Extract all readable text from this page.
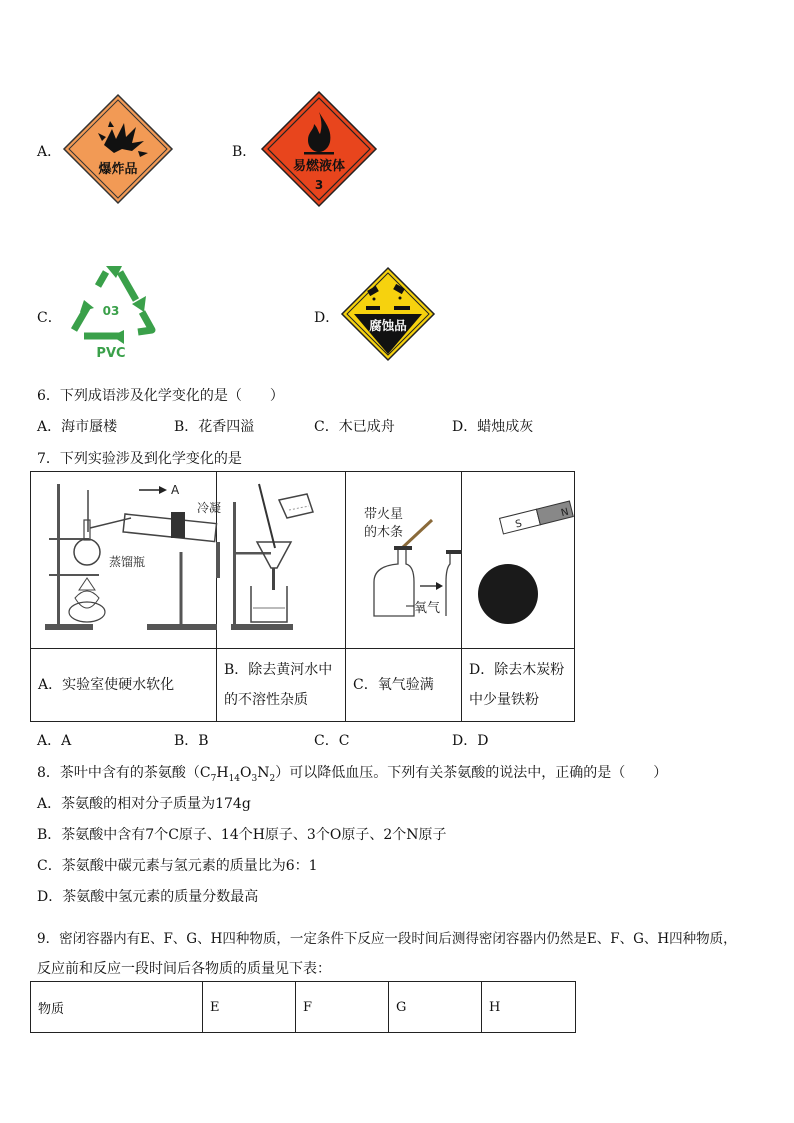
A．
爆炸品
B．
易燃液体
3
C．	03
PVC
D． 腐蚀品
6．下列成语涉及化学变化的是（　　）
A．海市蜃楼	B．花香四溢	C．木已成舟	D．蜡烛成灰
7．下列实验涉及到化学变化的是
A
冷凝
蒸馏瓶		带火星
的木条
氧气	S
N

A．实验室使硬水软化	B．除去黄河水中
的不溶性杂质	C．氧气验满	D．除去木炭粉
中少量铁粉
A．A	B．B	C．C	D．D
8．茶叶中含有的茶氨酸$(C_7H_{14}O_3N_2)$可以降低血压。下列有关茶氨酸的说法中，正确的是（　　）
A．茶氨酸的相对分子质量为174g
B．茶氨酸中含有7个C原子、14个H原子、3个O原子、2个N原子
C．茶氨酸中碳元素与氢元素的质量比为6：1
D．茶氨酸中氢元素的质量分数最高
9．密闭容器内有E、F、G、H四种物质，一定条件下反应一段时间后测得密闭容器内仍然是E、F、G、H四种物质，
反应前和反应一段时间后各物质的质量见下表：
物质	E	F	G	H
